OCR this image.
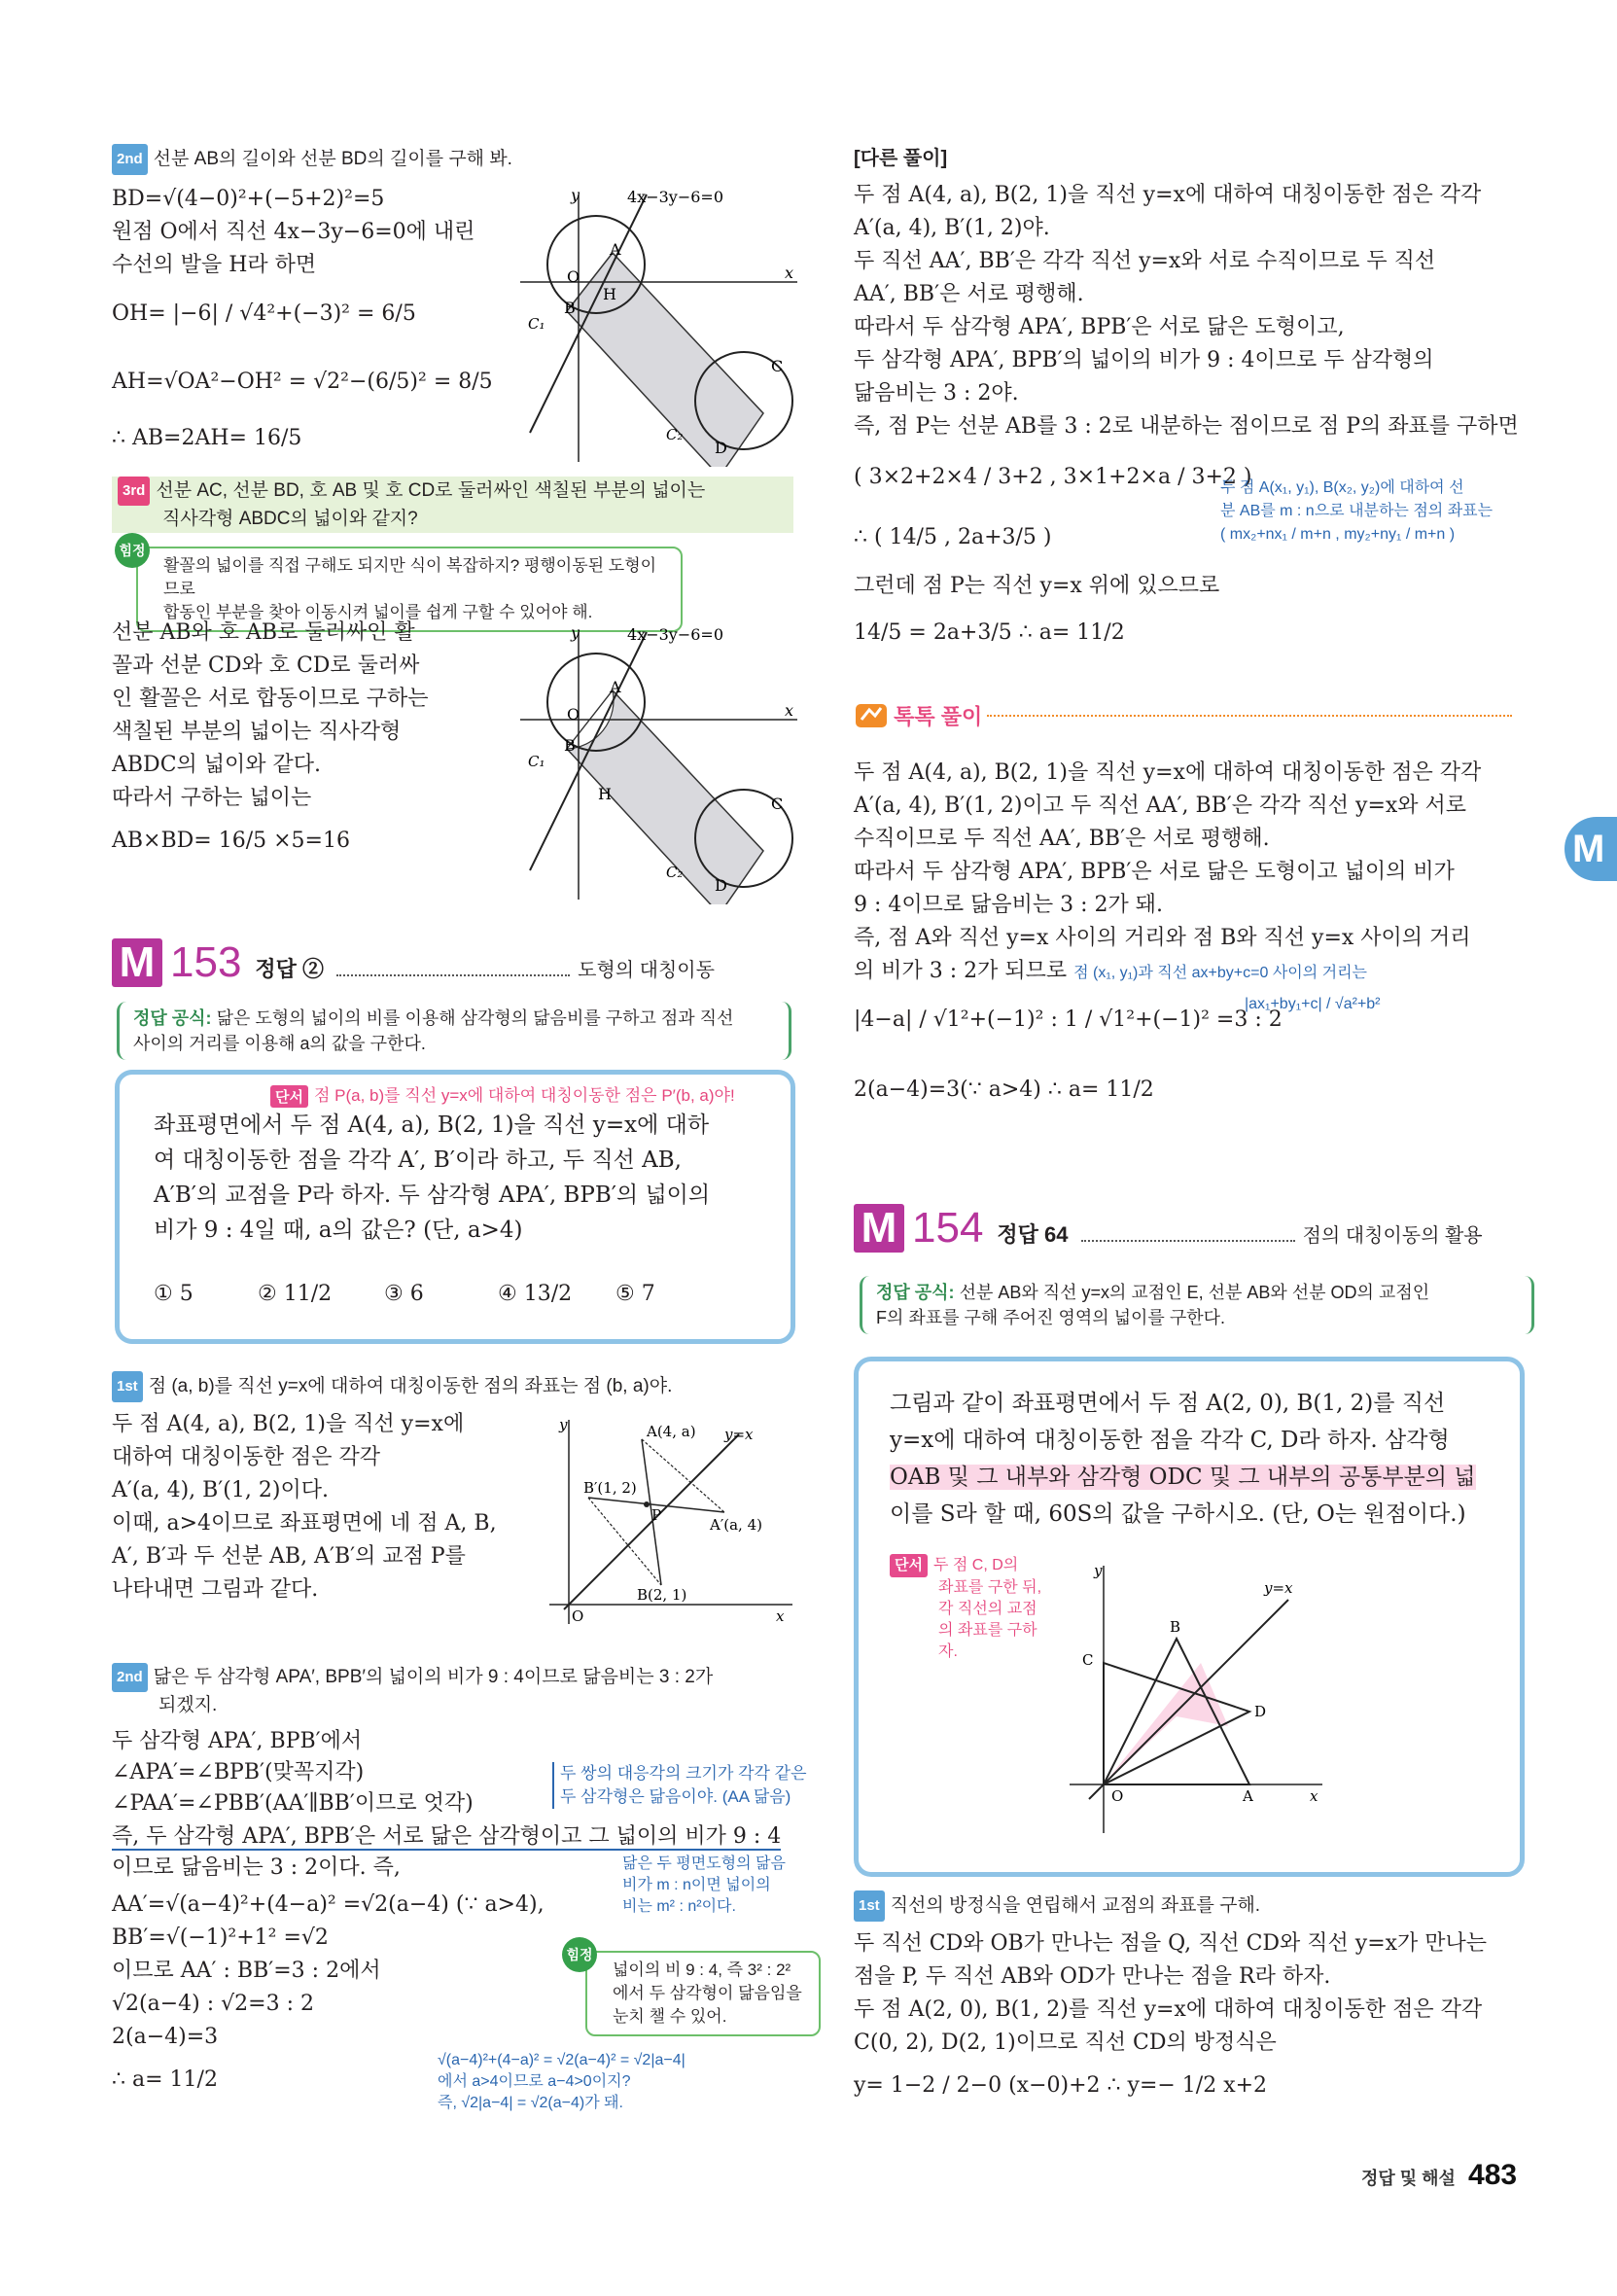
M
2nd 선분 AB의 길이와 선분 BD의 길이를 구해 봐.
BD=√(4−0)²+(−5+2)²=5
원점 O에서 직선 4x−3y−6=0에 내린
수선의 발을 H라 하면
OH= |−6| / √4²+(−3)² = 6/5
AH=√OA²−OH² = √2²−(6/5)² = 8/5
∴ AB=2AH= 16/5
y
x
4x−3y−6=0
O
A
B
H
C
D
C₁
C₂
3rd 선분 AC, 선분 BD, 호 AB 및 호 CD로 둘러싸인 색칠된 부분의 넓이는
직사각형 ABDC의 넓이와 같지?
활꼴의 넓이를 직접 구해도 되지만 식이 복잡하지? 평행이동된 도형이므로
합동인 부분을 찾아 이동시켜 넓이를 쉽게 구할 수 있어야 해.
힘정
선분 AB와 호 AB로 둘러싸인 활
꼴과 선분 CD와 호 CD로 둘러싸
인 활꼴은 서로 합동이므로 구하는
색칠된 부분의 넓이는 직사각형
ABDC의 넓이와 같다.
따라서 구하는 넓이는
AB×BD= 16/5 ×5=16
y
x
4x−3y−6=0
O
A
B
H
C
D
C₁
C₂
M 153 정답 ②	도형의 대칭이동
정답 공식: 닮은 도형의 넓이의 비를 이용해 삼각형의 닮음비를 구하고 점과 직선
사이의 거리를 이용해 a의 값을 구한다.
단서 점 P(a, b)를 직선 y=x에 대하여 대칭이동한 점은 P′(b, a)야!
좌표평면에서 두 점 A(4, a), B(2, 1)을 직선 y=x에 대하
여 대칭이동한 점을 각각 A′, B′이라 하고, 두 직선 AB,
A′B′의 교점을 P라 하자. 두 삼각형 APA′, BPB′의 넓이의
비가 9 : 4일 때, a의 값은? (단, a>4)
① 5	② 11/2 ③ 6	④ 13/2 ⑤ 7
1st 점 (a, b)를 직선 y=x에 대하여 대칭이동한 점의 좌표는 점 (b, a)야.
두 점 A(4, a), B(2, 1)을 직선 y=x에
대하여 대칭이동한 점은 각각
A′(a, 4), B′(1, 2)이다.
이때, a>4이므로 좌표평면에 네 점 A, B,
A′, B′과 두 선분 AB, A′B′의 교점 P를
나타내면 그림과 같다.
y
x
O
y=x
A(4, a)
B′(1, 2)
A′(a, 4)
P
B(2, 1)
2nd 닮은 두 삼각형 APA′, BPB′의 넓이의 비가 9 : 4이므로 닮음비는 3 : 2가
되겠지.
두 삼각형 APA′, BPB′에서
∠APA′=∠BPB′(맞꼭지각)
∠PAA′=∠PBB′(AA′∥BB′이므로 엇각)
두 쌍의 대응각의 크기가 각각 같은
두 삼각형은 닮음이야. (AA 닮음)
즉, 두 삼각형 APA′, BPB′은 서로 닮은 삼각형이고 그 넓이의 비가 9 : 4
이므로 닮음비는 3 : 2이다. 즉,	닮은 두 평면도형의 닮음
비가 m : n이면 넓이의
비는 m² : n²이다.
AA′=√(a−4)²+(4−a)² =√2(a−4) (∵ a>4),
BB′=√(−1)²+1² =√2
이므로 AA′ : BB′=3 : 2에서
√2(a−4) : √2=3 : 2
2(a−4)=3
∴ a= 11/2
넓이의 비 9 : 4, 즉 3² : 2²
에서 두 삼각형이 닮음임을
눈치 챌 수 있어.
힘정
√(a−4)²+(4−a)² = √2(a−4)² = √2|a−4|
에서 a>4이므로 a−4>0이지?
즉, √2|a−4| = √2(a−4)가 돼.
[다른 풀이]
두 점 A(4, a), B(2, 1)을 직선 y=x에 대하여 대칭이동한 점은 각각
A′(a, 4), B′(1, 2)야.
두 직선 AA′, BB′은 각각 직선 y=x와 서로 수직이므로 두 직선
AA′, BB′은 서로 평행해.
따라서 두 삼각형 APA′, BPB′은 서로 닮은 도형이고,
두 삼각형 APA′, BPB′의 넓이의 비가 9 : 4이므로 두 삼각형의
닮음비는 3 : 2야.
즉, 점 P는 선분 AB를 3 : 2로 내분하는 점이므로 점 P의 좌표를 구하면
( 3×2+2×4 / 3+2 , 3×1+2×a / 3+2 )
∴ ( 14/5 , 2a+3/5 )
두 점 A(x₁, y₁), B(x₂, y₂)에 대하여 선
분 AB를 m : n으로 내분하는 점의 좌표는
( mx₂+nx₁ / m+n , my₂+ny₁ / m+n )
그런데 점 P는 직선 y=x 위에 있으므로
14/5 = 2a+3/5 ∴ a= 11/2
톡톡 풀이
두 점 A(4, a), B(2, 1)을 직선 y=x에 대하여 대칭이동한 점은 각각
A′(a, 4), B′(1, 2)이고 두 직선 AA′, BB′은 각각 직선 y=x와 서로
수직이므로 두 직선 AA′, BB′은 서로 평행해.
따라서 두 삼각형 APA′, BPB′은 서로 닮은 도형이고 넓이의 비가
9 : 4이므로 닮음비는 3 : 2가 돼.
즉, 점 A와 직선 y=x 사이의 거리와 점 B와 직선 y=x 사이의 거리
의 비가 3 : 2가 되므로 점 (x₁, y₁)과 직선 ax+by+c=0 사이의 거리는
|4−a| / √1²+(−1)² : 1 / √1²+(−1)² =3 : 2
|ax₁+by₁+c| / √a²+b²
2(a−4)=3(∵ a>4) ∴ a= 11/2
M 154 정답 64	점의 대칭이동의 활용
정답 공식: 선분 AB와 직선 y=x의 교점인 E, 선분 AB와 선분 OD의 교점인
F의 좌표를 구해 주어진 영역의 넓이를 구한다.
그림과 같이 좌표평면에서 두 점 A(2, 0), B(1, 2)를 직선
y=x에 대하여 대칭이동한 점을 각각 C, D라 하자. 삼각형
OAB 및 그 내부와 삼각형 ODC 및 그 내부의 공통부분의 넓
이를 S라 할 때, 60S의 값을 구하시오. (단, O는 원점이다.)
단서 두 점 C, D의
좌표를 구한 뒤,
각 직선의 교점
의 좌표를 구하
자.
y
x
O
y=x
A
B
C
D
1st 직선의 방정식을 연립해서 교점의 좌표를 구해.
두 직선 CD와 OB가 만나는 점을 Q, 직선 CD와 직선 y=x가 만나는
점을 P, 두 직선 AB와 OD가 만나는 점을 R라 하자.
두 점 A(2, 0), B(1, 2)를 직선 y=x에 대하여 대칭이동한 점은 각각
C(0, 2), D(2, 1)이므로 직선 CD의 방정식은
y= 1−2 / 2−0 (x−0)+2 ∴ y=− 1/2 x+2
정답 및 해설 483
